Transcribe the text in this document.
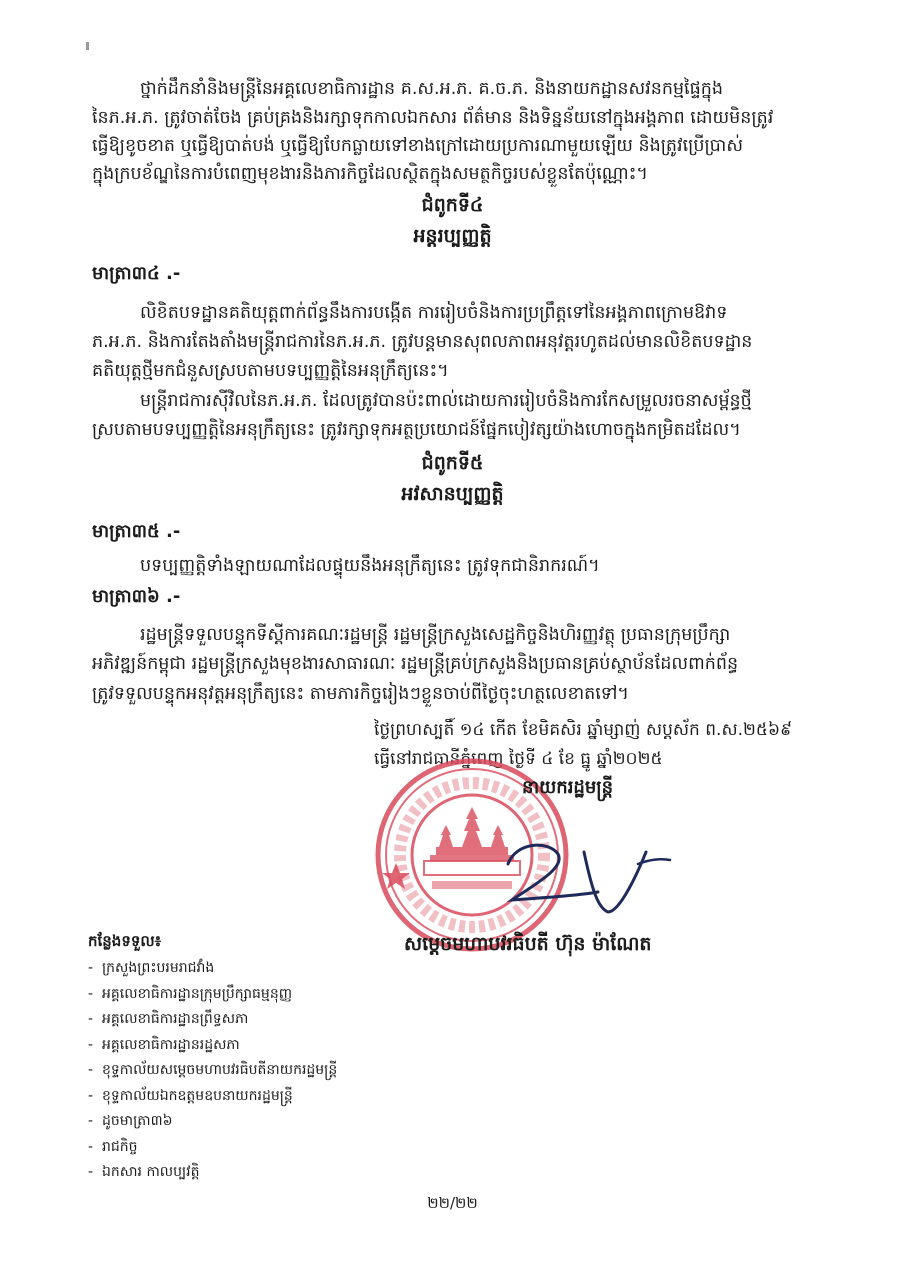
ថ្នាក់ដឹកនាំនិងមន្ត្រីនៃអគ្គលេខាធិការដ្ឋាន គ.ស.អ.ភ. គ.ច.ភ. និងនាយកដ្ឋានសវនកម្មផ្ទៃក្នុង
នៃភ.អ.ភ. ត្រូវចាត់ចែង គ្រប់គ្រងនិងរក្សាទុកកាលឯកសារ ព័ត៌មាន និងទិន្នន័យនៅក្នុងអង្គភាព ដោយមិនត្រូវ
ធ្វើឱ្យខូចខាត ឬធ្វើឱ្យបាត់បង់ ឬធ្វើឱ្យបែកធ្លាយទៅខាងក្រៅដោយប្រការណាមួយឡើយ និងត្រូវប្រើប្រាស់
ក្នុងក្របខ័ណ្ឌនៃការបំពេញមុខងារនិងភារកិច្ចដែលស្ថិតក្នុងសមត្ថកិច្ចរបស់ខ្លួនតែប៉ុណ្ណោះ។
ជំពូកទី៤
អន្តរប្បញ្ញត្តិ
មាត្រា៣៤ .-
លិខិតបទដ្ឋានគតិយុត្តពាក់ព័ន្ធនឹងការបង្កើត ការរៀបចំនិងការប្រព្រឹត្តទៅនៃអង្គភាពក្រោមឱវាទ
ភ.អ.ភ. និងការតែងតាំងមន្ត្រីរាជការនៃភ.អ.ភ. ត្រូវបន្តមានសុពលភាពអនុវត្តរហូតដល់មានលិខិតបទដ្ឋាន
គតិយុត្តថ្មីមកជំនួសស្របតាមបទប្បញ្ញត្តិនៃអនុក្រឹត្យនេះ។
មន្ត្រីរាជការស៊ីវិលនៃភ.អ.ភ. ដែលត្រូវបានប៉ះពាល់ដោយការរៀបចំនិងការកែសម្រួលរចនាសម្ព័ន្ធថ្មី
ស្របតាមបទប្បញ្ញត្តិនៃអនុក្រឹត្យនេះ ត្រូវរក្សាទុកអត្ថប្រយោជន៍ផ្នែកបៀវត្សយ៉ាងហោចក្នុងកម្រិតដដែល។
ជំពូកទី៥
អវសានប្បញ្ញត្តិ
មាត្រា៣៥ .-
បទប្បញ្ញត្តិទាំងឡាយណាដែលផ្ទុយនឹងអនុក្រឹត្យនេះ ត្រូវទុកជានិរាករណ៍។
មាត្រា៣៦ .-
រដ្ឋមន្ត្រីទទួលបន្ទុកទីស្តីការគណៈរដ្ឋមន្ត្រី រដ្ឋមន្ត្រីក្រសួងសេដ្ឋកិច្ចនិងហិរញ្ញវត្ថុ ប្រធានក្រុមប្រឹក្សា
អភិវឌ្ឍន៍កម្ពុជា រដ្ឋមន្ត្រីក្រសួងមុខងារសាធារណៈ រដ្ឋមន្ត្រីគ្រប់ក្រសួងនិងប្រធានគ្រប់ស្ថាប័នដែលពាក់ព័ន្ធ
ត្រូវទទួលបន្ទុកអនុវត្តអនុក្រឹត្យនេះ តាមភារកិច្ចរៀងៗខ្លួនចាប់ពីថ្ងៃចុះហត្ថលេខាតទៅ។
ថ្ងៃព្រហស្បតិ៍ ១៤ កើត ខែមិគសិរ ឆ្នាំម្សាញ់ សប្តស័ក ព.ស.២៥៦៩
ធ្វើនៅរាជធានីភ្នំពេញ ថ្ងៃទី ៤ ខែ ធ្នូ ឆ្នាំ២០២៥
នាយករដ្ឋមន្ត្រី
សម្តេចមហាបវរធិបតី ហ៊ុន ម៉ាណែត
កន្លែងទទួល៖
- ក្រសួងព្រះបរមរាជវាំង
- អគ្គលេខាធិការដ្ឋានក្រុមប្រឹក្សាធម្មនុញ្ញ
- អគ្គលេខាធិការដ្ឋានព្រឹទ្ធសភា
- អគ្គលេខាធិការដ្ឋានរដ្ឋសភា
- ខុទ្ទកាល័យសម្តេចមហាបវរធិបតីនាយករដ្ឋមន្ត្រី
- ខុទ្ទកាល័យឯកឧត្តមឧបនាយករដ្ឋមន្ត្រី
- ដូចមាត្រា៣៦
- រាជកិច្ច
- ឯកសារ កាលប្បវត្តិ
២២/២២
